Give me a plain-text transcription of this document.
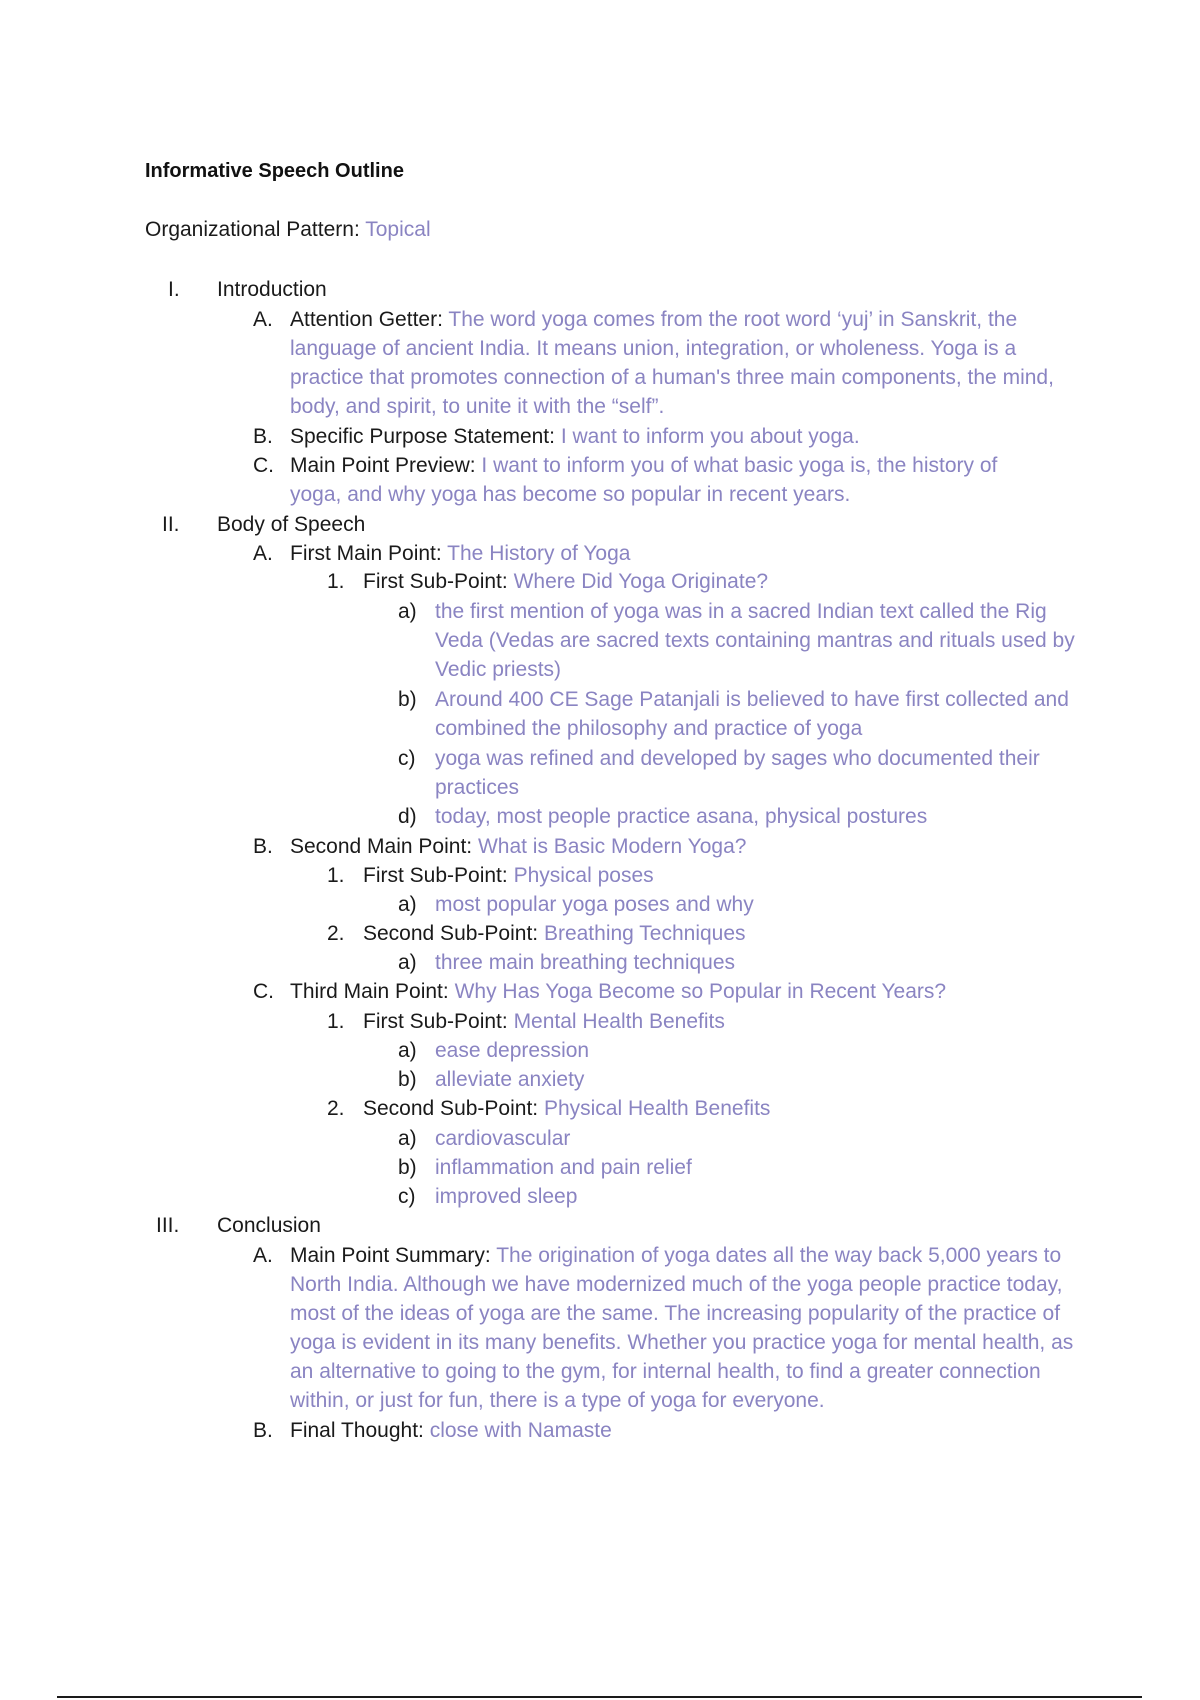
Informative Speech Outline
Organizational Pattern: Topical
I. Introduction
A. Attention Getter: The word yoga comes from the root word ‘yuj’ in Sanskrit, the language of ancient India. It means union, integration, or wholeness. Yoga is a practice that promotes connection of a human's three main components, the mind, body, and spirit, to unite it with the “self”.
B. Specific Purpose Statement: I want to inform you about yoga.
C. Main Point Preview: I want to inform you of what basic yoga is, the history of yoga, and why yoga has become so popular in recent years.
II. Body of Speech
A. First Main Point: The History of Yoga
1. First Sub-Point: Where Did Yoga Originate?
a) the first mention of yoga was in a sacred Indian text called the Rig Veda (Vedas are sacred texts containing mantras and rituals used by Vedic priests)
b) Around 400 CE Sage Patanjali is believed to have first collected and combined the philosophy and practice of yoga
c) yoga was refined and developed by sages who documented their practices
d) today, most people practice asana, physical postures
B. Second Main Point: What is Basic Modern Yoga?
1. First Sub-Point: Physical poses
a) most popular yoga poses and why
2. Second Sub-Point: Breathing Techniques
a) three main breathing techniques
C. Third Main Point: Why Has Yoga Become so Popular in Recent Years?
1. First Sub-Point: Mental Health Benefits
a) ease depression
b) alleviate anxiety
2. Second Sub-Point: Physical Health Benefits
a) cardiovascular
b) inflammation and pain relief
c) improved sleep
III. Conclusion
A. Main Point Summary: The origination of yoga dates all the way back 5,000 years to North India. Although we have modernized much of the yoga people practice today, most of the ideas of yoga are the same. The increasing popularity of the practice of yoga is evident in its many benefits. Whether you practice yoga for mental health, as an alternative to going to the gym, for internal health, to find a greater connection within, or just for fun, there is a type of yoga for everyone.
B. Final Thought: close with Namaste
